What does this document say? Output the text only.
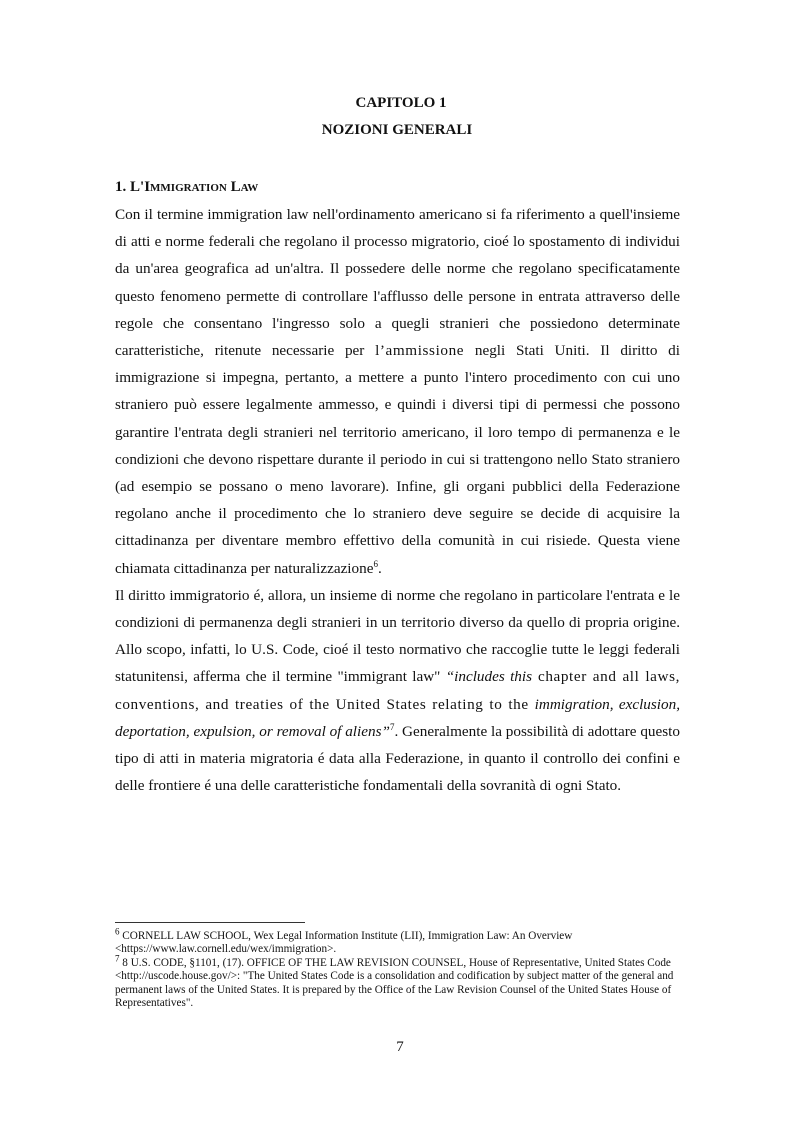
CAPITOLO 1
NOZIONI GENERALI
1. L'Immigration Law

Con il termine immigration law nell'ordinamento americano si fa riferimento a quell'insieme di atti e norme federali che regolano il processo migratorio, cioé lo spostamento di individui da un'area geografica ad un'altra. Il possedere delle norme che regolano specificatamente questo fenomeno permette di controllare l'afflusso delle persone in entrata attraverso delle regole che consentano l'ingresso solo a quegli stranieri che possiedono determinate caratteristiche, ritenute necessarie per l’ammissione negli Stati Uniti. Il diritto di immigrazione si impegna, pertanto, a mettere a punto l'intero procedimento con cui uno straniero può essere legalmente ammesso, e quindi i diversi tipi di permessi che possono garantire l'entrata degli stranieri nel territorio americano, il loro tempo di permanenza e le condizioni che devono rispettare durante il periodo in cui si trattengono nello Stato straniero (ad esempio se possano o meno lavorare). Infine, gli organi pubblici della Federazione regolano anche il procedimento che lo straniero deve seguire se decide di acquisire la cittadinanza per diventare membro effettivo della comunità in cui risiede. Questa viene chiamata cittadinanza per naturalizzazione$^6$.

Il diritto immigratorio é, allora, un insieme di norme che regolano in particolare l'entrata e le condizioni di permanenza degli stranieri in un territorio diverso da quello di propria origine. Allo scopo, infatti, lo U.S. Code, cioé il testo normativo che raccoglie tutte le leggi federali statunitensi, afferma che il termine "immigrant law" “includes this chapter and all laws, conventions, and treaties of the United States relating to the immigration, exclusion, deportation, expulsion, or removal of aliens”$^7$. Generalmente la possibilità di adottare questo tipo di atti in materia migratoria é data alla Federazione, in quanto il controllo dei confini e delle frontiere é una delle caratteristiche fondamentali della sovranità di ogni Stato.

$^6$ CORNELL LAW SCHOOL, Wex Legal Information Institute (LII), Immigration Law: An Overview <https://www.law.cornell.edu/wex/immigration>.

$^7$ 8 U.S. CODE, §1101, (17). OFFICE OF THE LAW REVISION COUNSEL, House of Representative, United States Code <http://uscode.house.gov/>: "The United States Code is a consolidation and codification by subject matter of the general and permanent laws of the United States. It is prepared by the Office of the Law Revision Counsel of the United States House of Representatives".

7
